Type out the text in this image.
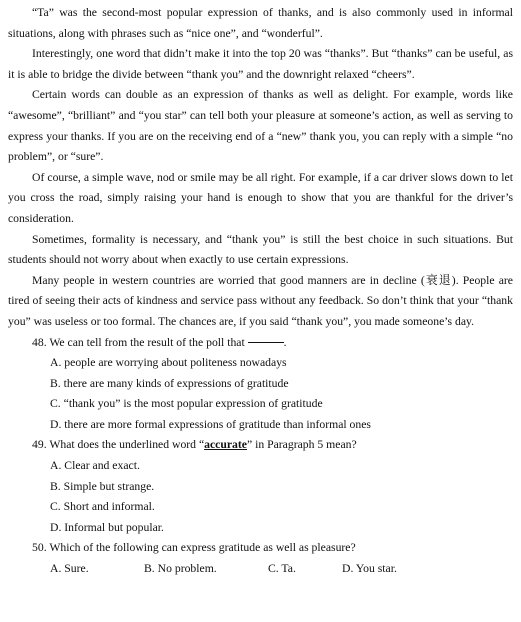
“Ta” was the second-most popular expression of thanks, and is also commonly used in informal situations, along with phrases such as “nice one”, and “wonderful”.

Interestingly, one word that didn’t make it into the top 20 was “thanks”. But “thanks” can be useful, as it is able to bridge the divide between “thank you” and the downright relaxed “cheers”.

Certain words can double as an expression of thanks as well as delight. For example, words like “awesome”, “brilliant” and “you star” can tell both your pleasure at someone’s action, as well as serving to express your thanks. If you are on the receiving end of a “new” thank you, you can reply with a simple “no problem”, or “sure”.

Of course, a simple wave, nod or smile may be all right. For example, if a car driver slows down to let you cross the road, simply raising your hand is enough to show that you are thankful for the driver’s consideration.

Sometimes, formality is necessary, and “thank you” is still the best choice in such situations. But students should not worry about when exactly to use certain expressions.

Many people in western countries are worried that good manners are in decline (衰退). People are tired of seeing their acts of kindness and service pass without any feedback. So don’t think that your “thank you” was useless or too formal. The chances are, if you said “thank you”, you made someone’s day.

48. We can tell from the result of the poll that	.

A. people are worrying about politeness nowadays

B. there are many kinds of expressions of gratitude

C. “thank you” is the most popular expression of gratitude

D. there are more formal expressions of gratitude than informal ones

49. What does the underlined word “accurate” in Paragraph 5 mean?

A. Clear and exact.

B. Simple but strange.

C. Short and informal.

D. Informal but popular.

50. Which of the following can express gratitude as well as pleasure?

A. Sure.	B. No problem.	C. Ta.	D. You star.
